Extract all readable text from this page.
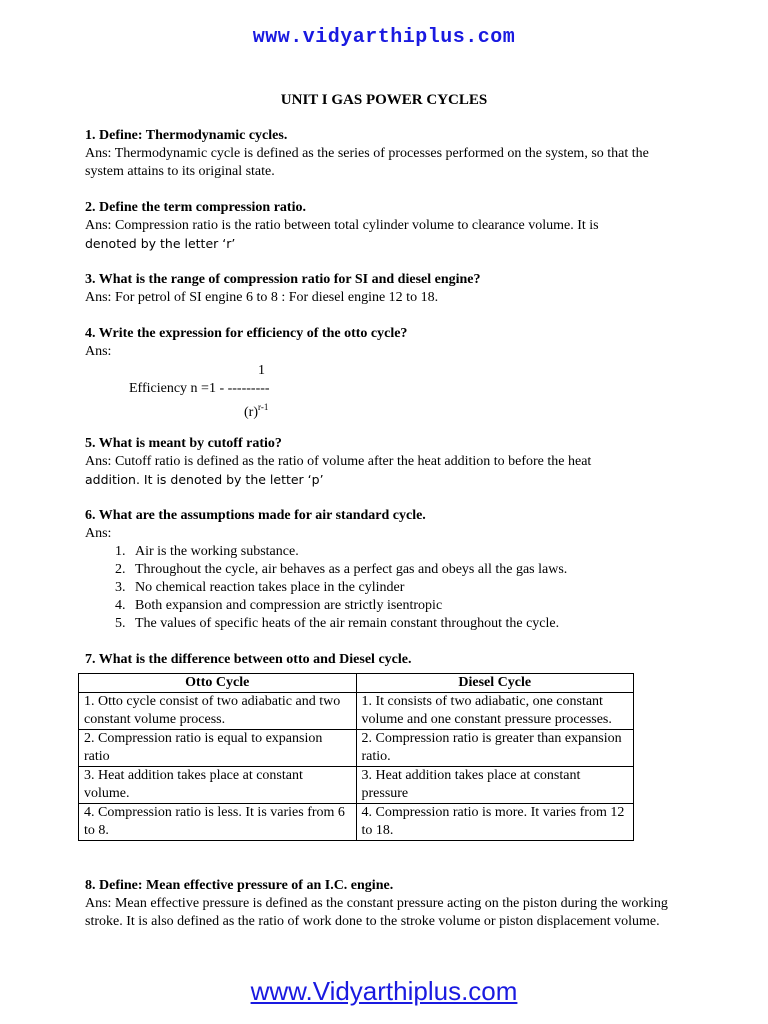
www.vidyarthiplus.com
UNIT I GAS POWER CYCLES
1. Define: Thermodynamic cycles.
Ans: Thermodynamic cycle is defined as the series of processes performed on the system, so that the system attains to its original state.
2. Define the term compression ratio.
Ans: Compression ratio is the ratio between total cylinder volume to clearance volume. It is
denoted by the letter ‘r’
3. What is the range of compression ratio for SI and diesel engine?
Ans: For petrol of SI engine 6 to 8 : For diesel engine 12 to 18.
4. Write the expression for efficiency of the otto cycle?
Ans:
1
Efficiency n =1 - ---------
$(r)^{r-1}$
5. What is meant by cutoff ratio?
Ans: Cutoff ratio is defined as the ratio of volume after the heat addition to before the heat
addition. It is denoted by the letter ‘p’
6. What are the assumptions made for air standard cycle.
Ans:
1. Air is the working substance.
2. Throughout the cycle, air behaves as a perfect gas and obeys all the gas laws.
3. No chemical reaction takes place in the cylinder
4. Both expansion and compression are strictly isentropic
5. The values of specific heats of the air remain constant throughout the cycle.
7. What is the difference between otto and Diesel cycle.
Otto Cycle	Diesel Cycle
1. Otto cycle consist of two adiabatic and two constant volume process.	1. It consists of two adiabatic, one constant volume and one constant pressure processes.
2. Compression ratio is equal to expansion ratio	2. Compression ratio is greater than expansion ratio.
3. Heat addition takes place at constant volume.	3. Heat addition takes place at constant pressure
4. Compression ratio is less. It is varies from 6 to 8.	4. Compression ratio is more. It varies from 12 to 18.
8. Define: Mean effective pressure of an I.C. engine.
Ans: Mean effective pressure is defined as the constant pressure acting on the piston during the working stroke. It is also defined as the ratio of work done to the stroke volume or piston displacement volume.
www.Vidyarthiplus.com
